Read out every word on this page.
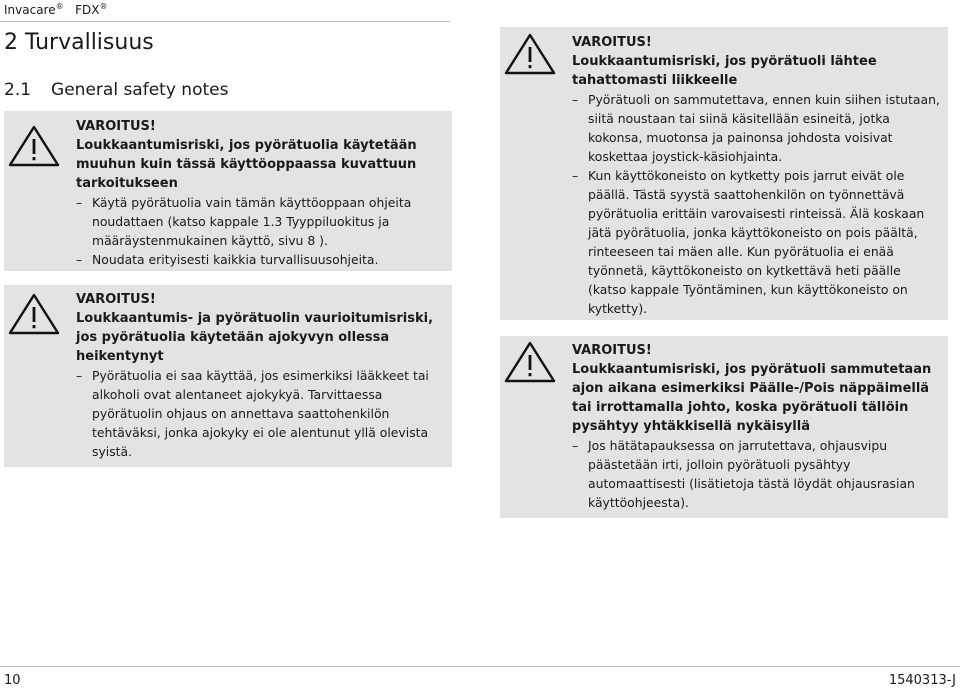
Invacare® FDX®
2 Turvallisuus
2.1 General safety notes
VAROITUS!
Loukkaantumisriski, jos pyörätuolia käytetään muuhun kuin tässä käyttöoppaassa kuvattuun tarkoitukseen
– Käytä pyörätuolia vain tämän käyttöoppaan ohjeita noudattaen (katso kappale 1.3 Tyyppiluokitus ja määräystenmukainen käyttö, sivu 8 ).
– Noudata erityisesti kaikkia turvallisuusohjeita.
VAROITUS!
Loukkaantumis- ja pyörätuolin vaurioitumisriski, jos pyörätuolia käytetään ajokyvyn ollessa heikentynyt
– Pyörätuolia ei saa käyttää, jos esimerkiksi lääkkeet tai alkoholi ovat alentaneet ajokykyä. Tarvittaessa pyörätuolin ohjaus on annettava saattohenkilön tehtäväksi, jonka ajokyky ei ole alentunut yllä olevista syistä.
VAROITUS!
Loukkaantumisriski, jos pyörätuoli lähtee tahattomasti liikkeelle
– Pyörätuoli on sammutettava, ennen kuin siihen istutaan, siitä noustaan tai siinä käsitellään esineitä, jotka kokonsa, muotonsa ja painonsa johdosta voisivat koskettaa joystick-käsiohjainta.
– Kun käyttökoneisto on kytketty pois jarrut eivät ole päällä. Tästä syystä saattohenkilön on työnnettävä pyörätuolia erittäin varovaisesti rinteissä. Älä koskaan jätä pyörätuolia, jonka käyttökoneisto on pois päältä, rinteeseen tai mäen alle. Kun pyörätuolia ei enää työnnetä, käyttökoneisto on kytkettävä heti päälle (katso kappale Työntäminen, kun käyttökoneisto on kytketty).
VAROITUS!
Loukkaantumisriski, jos pyörätuoli sammutetaan ajon aikana esimerkiksi Päälle-/Pois näppäimellä tai irrottamalla johto, koska pyörätuoli tällöin pysähtyy yhtäkkisellä nykäisyllä
– Jos hätätapauksessa on jarrutettava, ohjausvipu päästetään irti, jolloin pyörätuoli pysähtyy automaattisesti (lisätietoja tästä löydät ohjausrasian käyttöohjeesta).
10	1540313-J
